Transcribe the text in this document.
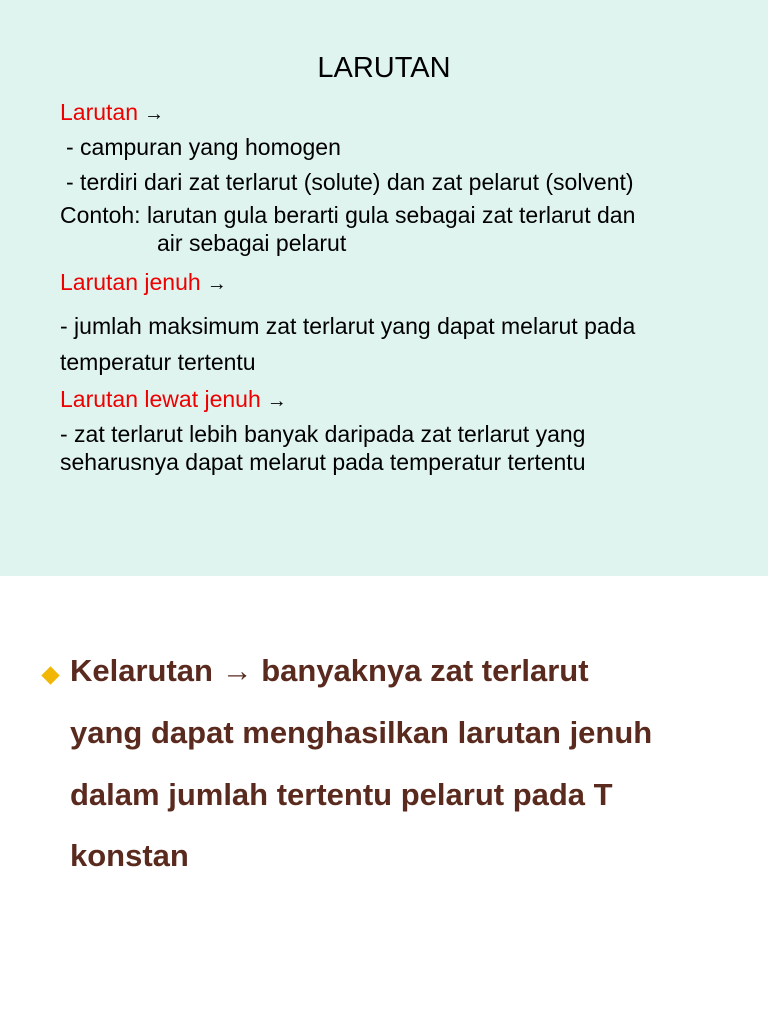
LARUTAN
Larutan →
- campuran yang homogen
- terdiri dari zat terlarut (solute) dan zat pelarut (solvent)
Contoh: larutan gula berarti gula sebagai zat terlarut dan
air sebagai pelarut
Larutan jenuh →
- jumlah maksimum zat terlarut yang dapat melarut pada
temperatur tertentu
Larutan lewat jenuh →
- zat terlarut lebih banyak daripada zat terlarut yang
seharusnya dapat melarut pada temperatur tertentu
Kelarutan → banyaknya zat terlarut
yang dapat menghasilkan larutan jenuh
dalam jumlah tertentu pelarut pada T
konstan
